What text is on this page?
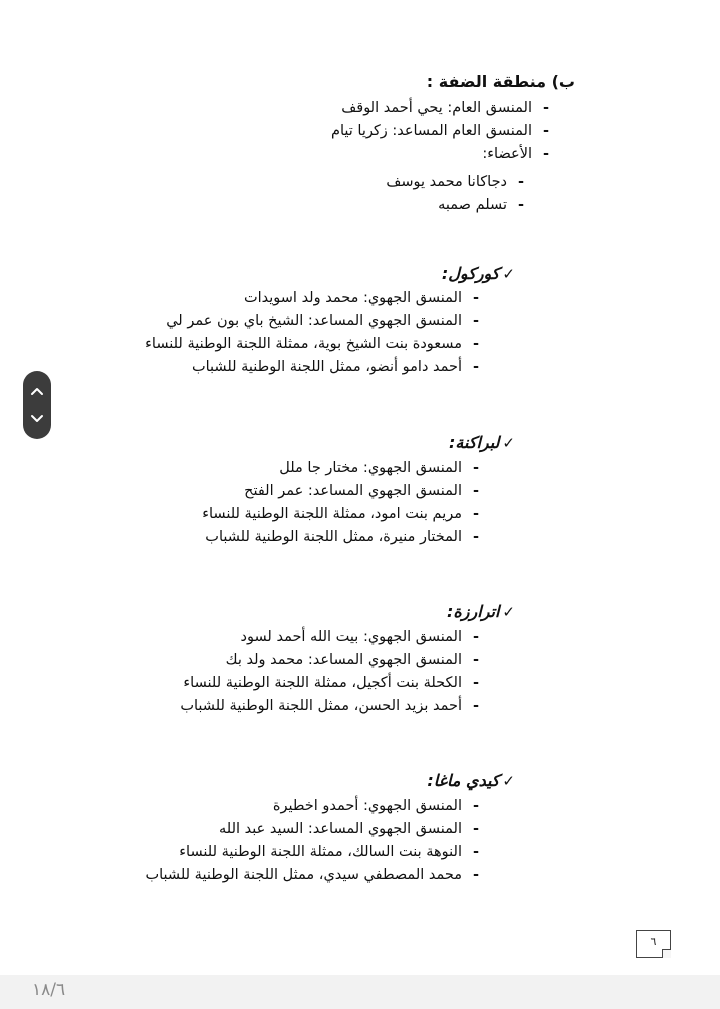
ب) منطقة الضفة :
-المنسق العام: يحي أحمد الوقف
-المنسق العام المساعد: زكريا تيام
-الأعضاء:
-دجاكانا محمد يوسف
-تسلم صمبه
✓كوركول:
-المنسق الجهوي: محمد ولد اسويدات
-المنسق الجهوي المساعد: الشيخ باي بون عمر لي
-مسعودة بنت الشيخ بوية، ممثلة اللجنة الوطنية للنساء
-أحمد دامو أنضو، ممثل اللجنة الوطنية للشباب
✓لبراكنة:
-المنسق الجهوي: مختار جا ملل
-المنسق الجهوي المساعد: عمر الفتح
-مريم بنت امود، ممثلة اللجنة الوطنية للنساء
-المختار منيرة، ممثل اللجنة الوطنية للشباب
✓اترارزة:
-المنسق الجهوي: بيت الله أحمد لسود
-المنسق الجهوي المساعد: محمد ولد بك
-الكحلة بنت أكجيل، ممثلة اللجنة الوطنية للنساء
-أحمد بزيد الحسن، ممثل اللجنة الوطنية للشباب
✓كيدي ماغا:
-المنسق الجهوي: أحمدو اخطيرة
-المنسق الجهوي المساعد: السيد عبد الله
-النوهة بنت السالك، ممثلة اللجنة الوطنية للنساء
-محمد المصطفي سيدي، ممثل اللجنة الوطنية للشباب
٦
١٨/٦
